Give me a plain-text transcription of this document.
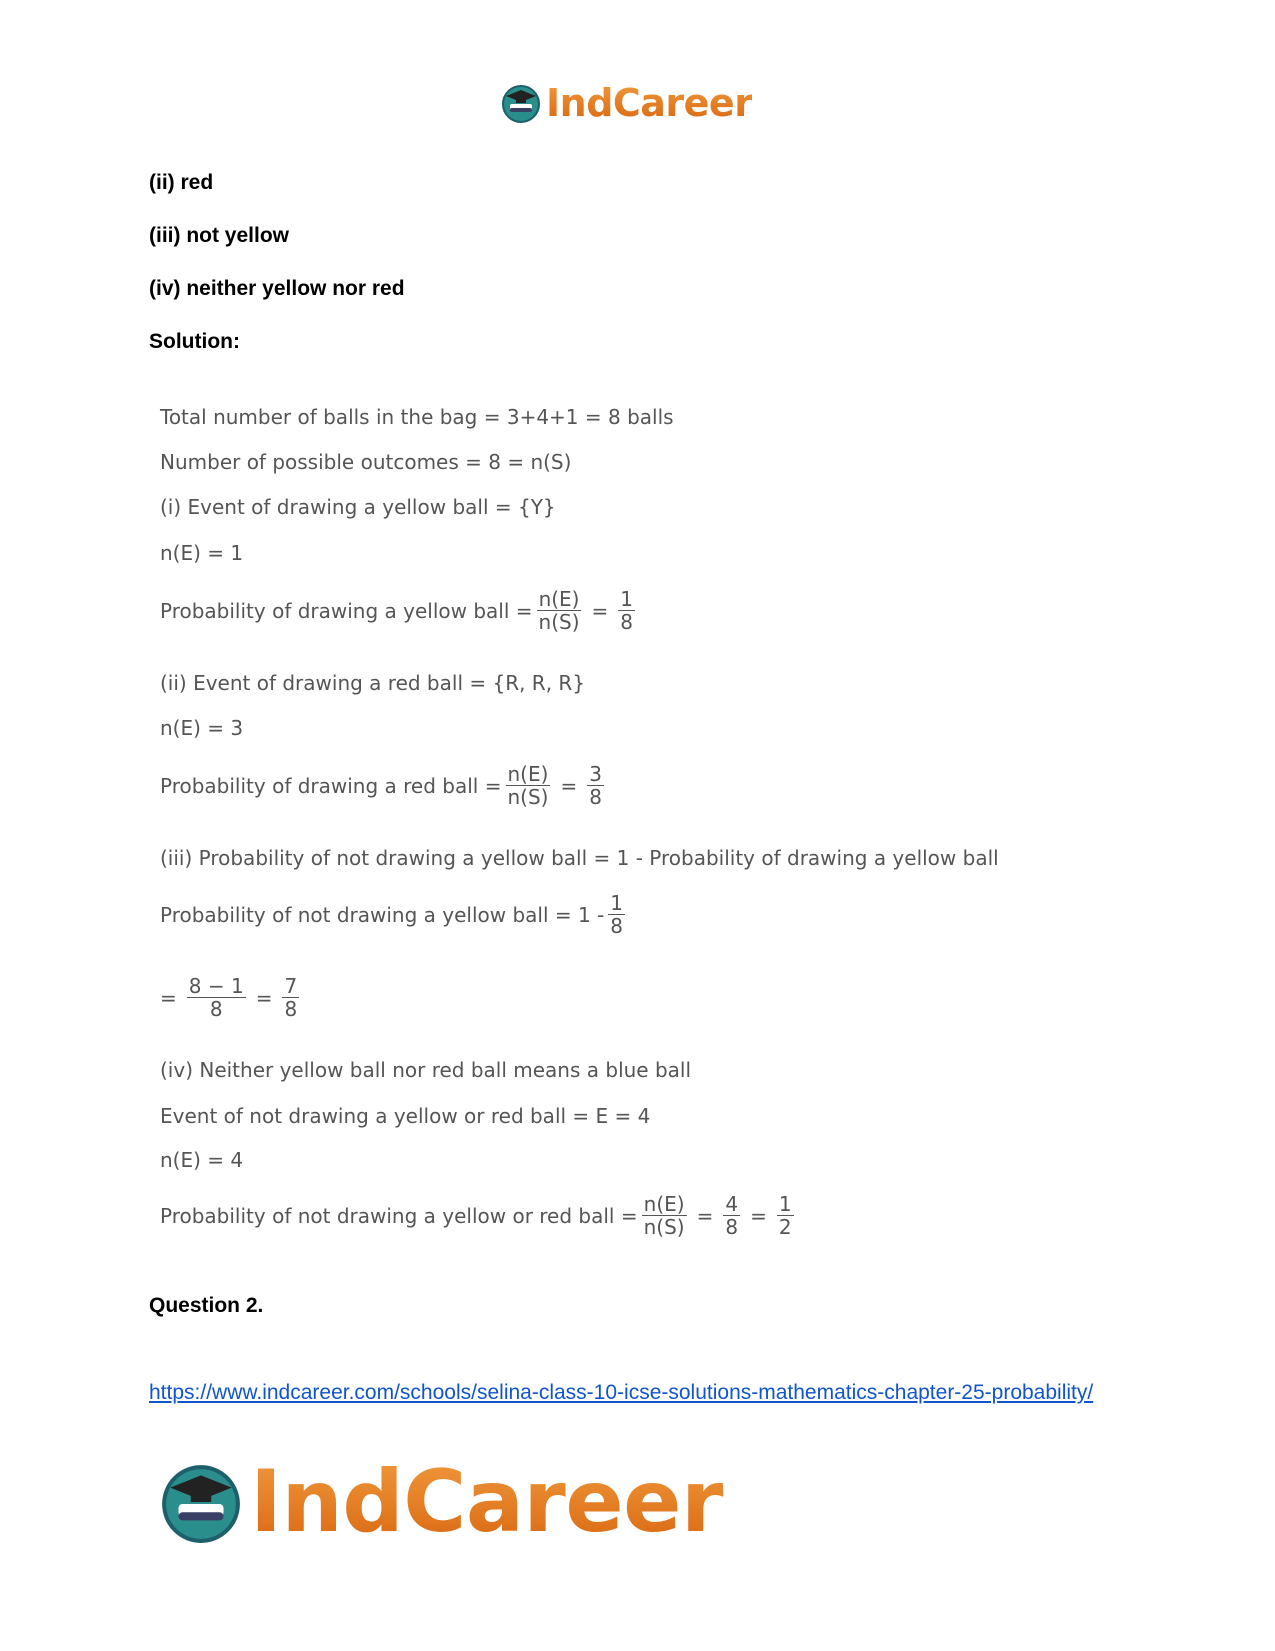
IndCareer
(ii) red
(iii) not yellow
(iv) neither yellow nor red
Solution:
Total number of balls in the bag = 3+4+1 = 8 balls
Number of possible outcomes = 8 = n(S)
(i) Event of drawing a yellow ball = {Y}
n(E) = 1
Probability of drawing a yellow ball = $\frac{n(E)}{n(S)} = \frac{1}{8}$
(ii) Event of drawing a red ball = {R, R, R}
n(E) = 3
Probability of drawing a red ball = $\frac{n(E)}{n(S)} = \frac{3}{8}$
(iii) Probability of not drawing a yellow ball = 1 - Probability of drawing a yellow ball
Probability of not drawing a yellow ball = $1 - \frac{1}{8}$
= $\frac{8 - 1}{8} = \frac{7}{8}$
(iv) Neither yellow ball nor red ball means a blue ball
Event of not drawing a yellow or red ball = E = 4
n(E) = 4
Probability of not drawing a yellow or red ball = $\frac{n(E)}{n(S)} = \frac{4}{8} = \frac{1}{2}$
Question 2.
https://www.indcareer.com/schools/selina-class-10-icse-solutions-mathematics-chapter-25-probability/
IndCareer
